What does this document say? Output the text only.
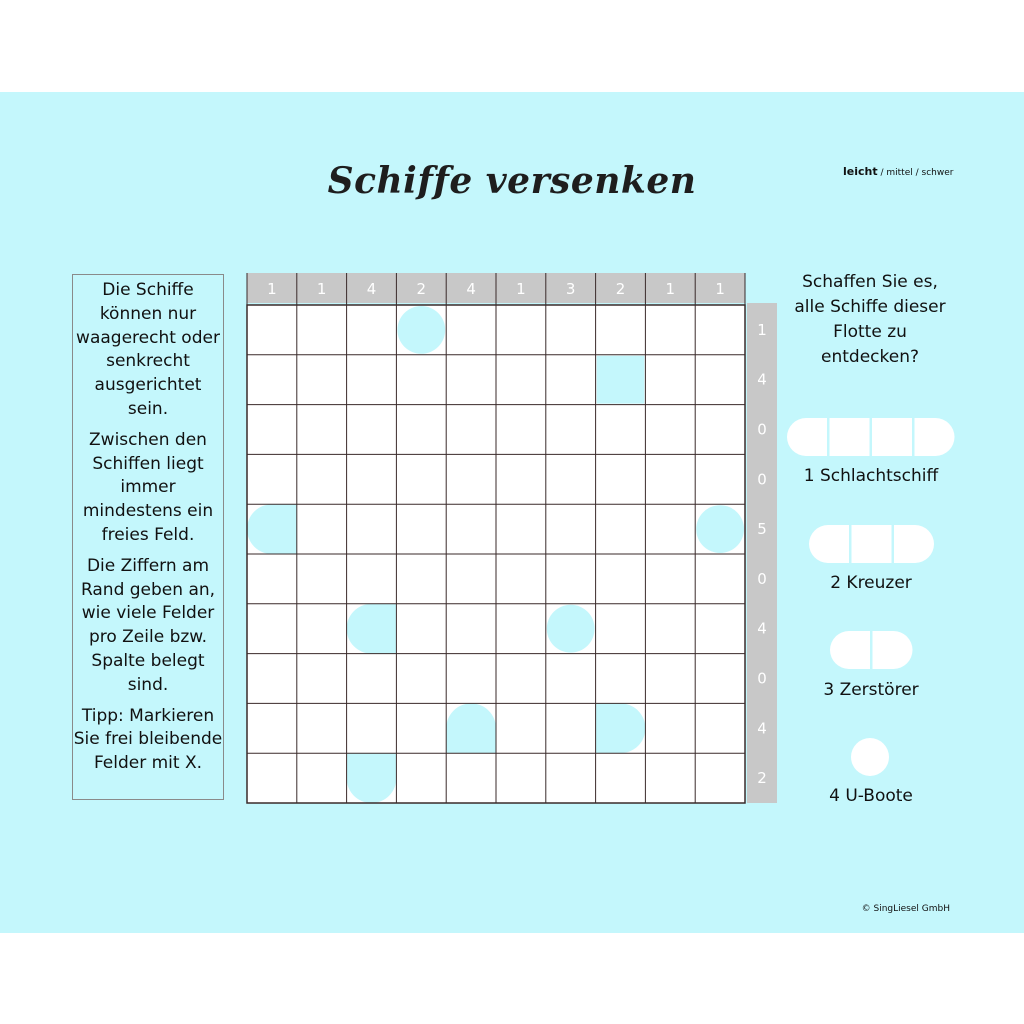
Schiffe versenken	leicht / mittel / schwer

Die Schiffe können nur waagerecht oder senkrecht ausgerichtet sein.

Zwischen den Schiffen liegt immer mindestens ein freies Feld.

Die Ziffern am Rand geben an, wie viele Felder pro Zeile bzw. Spalte belegt sind.

Tipp: Markieren Sie frei bleibende Felder mit X.

1	1	4	2	4	1	3	2	1	1
1
4
0
0
5
0
4
0
4
2
Schaffen Sie es, alle Schiffe dieser Flotte zu entdecken?
1 Schlachtschiff
2 Kreuzer
3 Zerstörer
4 U-Boote
© SingLiesel GmbH
